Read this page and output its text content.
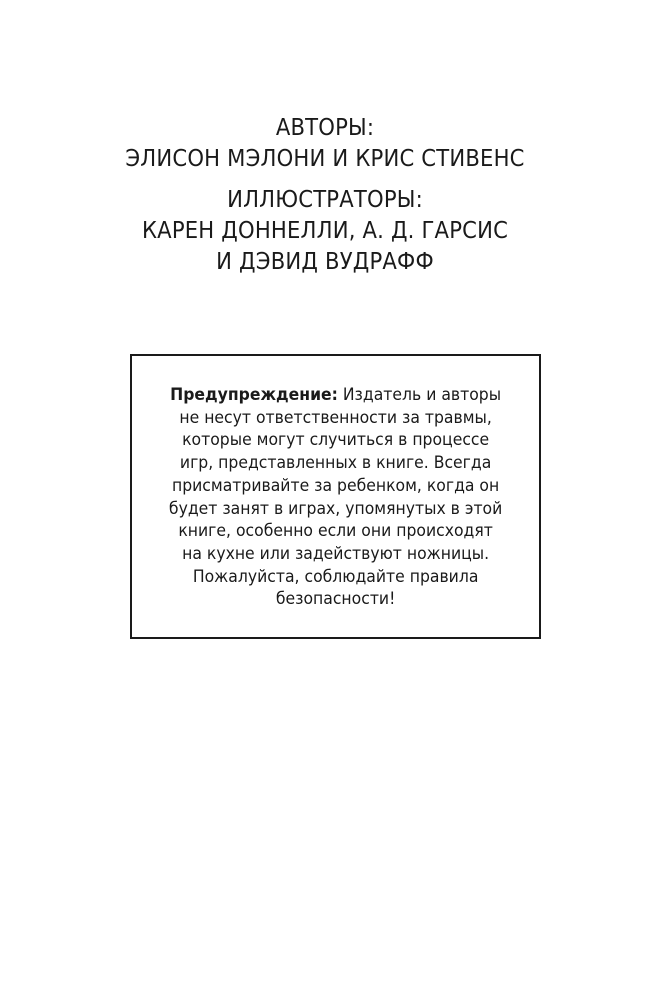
АВТОРЫ:
ЭЛИСОН МЭЛОНИ И КРИС СТИВЕНС
ИЛЛЮСТРАТОРЫ:
КАРЕН ДОННЕЛЛИ, А. Д. ГАРСИС
И ДЭВИД ВУДРАФФ
Предупреждение: Издатель и авторы
не несут ответственности за травмы,
которые могут случиться в процессе
игр, представленных в книге. Всегда
присматривайте за ребенком, когда он
будет занят в играх, упомянутых в этой
книге, особенно если они происходят
на кухне или задействуют ножницы.
Пожалуйста, соблюдайте правила
безопасности!
